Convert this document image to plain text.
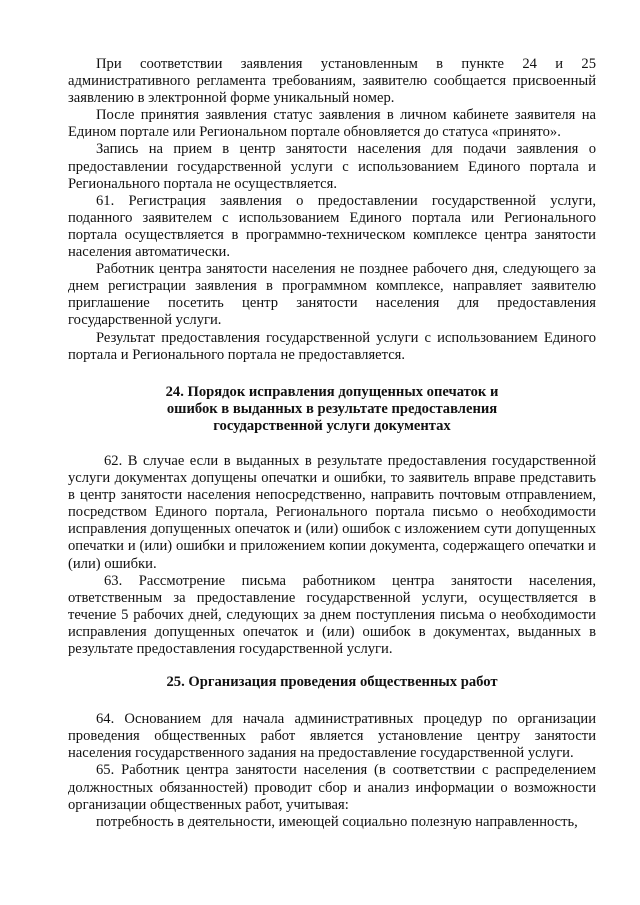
При соответствии заявления установленным в пункте 24 и 25 административного регламента требованиям, заявителю сообщается присвоенный заявлению в электронной форме уникальный номер.

После принятия заявления статус заявления в личном кабинете заявителя на Едином портале или Региональном портале обновляется до статуса «принято».

Запись на прием в центр занятости населения для подачи заявления о предоставлении государственной услуги с использованием Единого портала и Регионального портала не осуществляется.

61. Регистрация заявления о предоставлении государственной услуги, поданного заявителем с использованием Единого портала или Регионального портала осуществляется в программно-техническом комплексе центра занятости населения автоматически.

Работник центра занятости населения не позднее рабочего дня, следующего за днем регистрации заявления в программном комплексе, направляет заявителю приглашение посетить центр занятости населения для предоставления государственной услуги.

Результат предоставления государственной услуги с использованием Единого портала и Регионального портала не предоставляется.

24. Порядок исправления допущенных опечаток и
ошибок в выданных в результате предоставления
государственной услуги документах

62. В случае если в выданных в результате предоставления государственной услуги документах допущены опечатки и ошибки, то заявитель вправе представить в центр занятости населения непосредственно, направить почтовым отправлением, посредством Единого портала, Регионального портала письмо о необходимости исправления допущенных опечаток и (или) ошибок с изложением сути допущенных опечатки и (или) ошибки и приложением копии документа, содержащего опечатки и (или) ошибки.

63. Рассмотрение письма работником центра занятости населения, ответственным за предоставление государственной услуги, осуществляется в течение 5 рабочих дней, следующих за днем поступления письма о необходимости исправления допущенных опечаток и (или) ошибок в документах, выданных в результате предоставления государственной услуги.

25. Организация проведения общественных работ

64. Основанием для начала административных процедур по организации проведения общественных работ является установление центру занятости населения государственного задания на предоставление государственной услуги.

65. Работник центра занятости населения (в соответствии с распределением должностных обязанностей) проводит сбор и анализ информации о возможности организации общественных работ, учитывая:

потребность в деятельности, имеющей социально полезную направленность,
